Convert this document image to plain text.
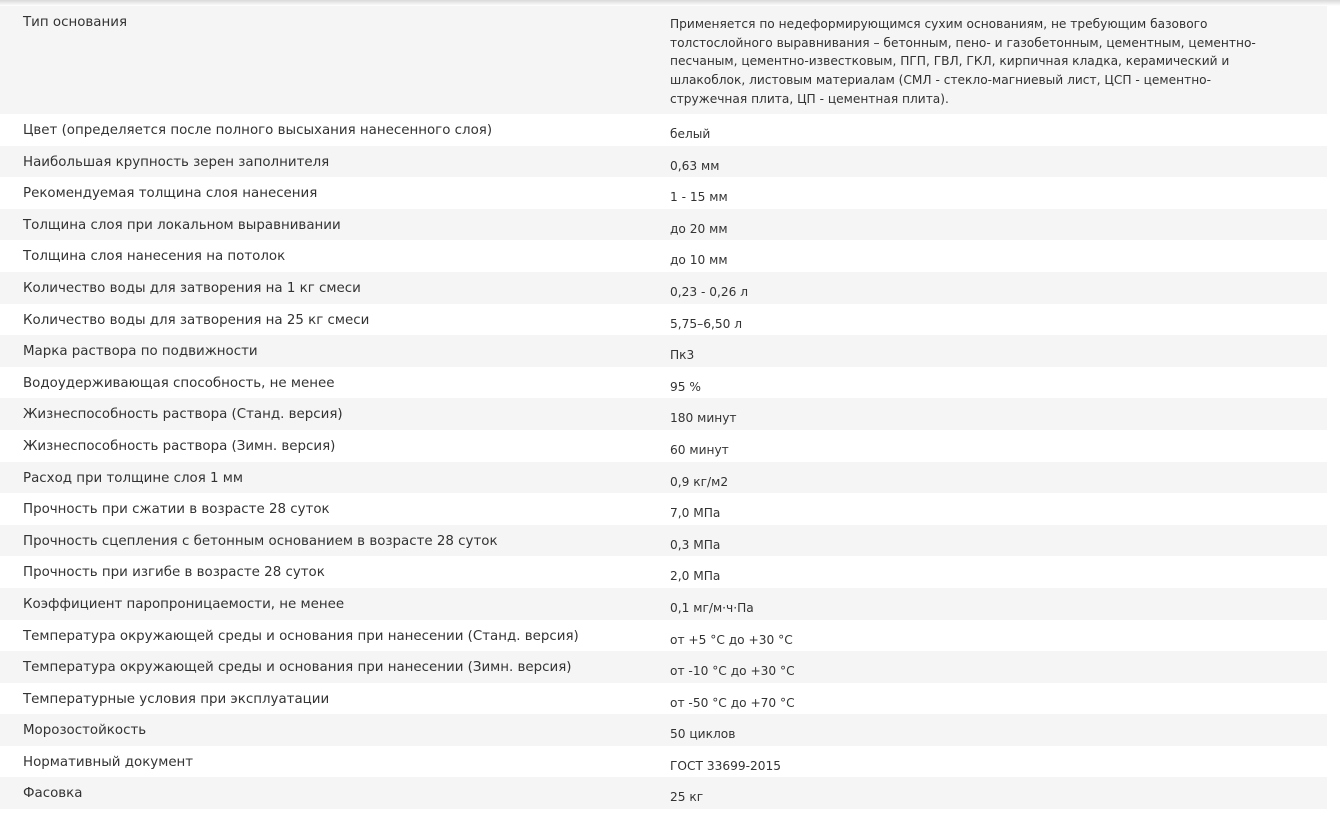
Тип основания	Применяется по недеформирующимся сухим основаниям, не требующим базового толстослойного выравнивания – бетонным, пено- и газобетонным, цементным, цементно-песчаным, цементно-известковым, ПГП, ГВЛ, ГКЛ, кирпичная кладка, керамический и шлакоблок, листовым материалам (СМЛ - стекло-магниевый лист, ЦСП - цементно-стружечная плита, ЦП - цементная плита).
Цвет (определяется после полного высыхания нанесенного слоя)	белый
Наибольшая крупность зерен заполнителя	0,63 мм
Рекомендуемая толщина слоя нанесения	1 - 15 мм
Толщина слоя при локальном выравнивании	до 20 мм
Толщина слоя нанесения на потолок	до 10 мм
Количество воды для затворения на 1 кг смеси	0,23 - 0,26 л
Количество воды для затворения на 25 кг смеси	5,75–6,50 л
Марка раствора по подвижности	Пк3
Водоудерживающая способность, не менее	95 %
Жизнеспособность раствора (Станд. версия)	180 минут
Жизнеспособность раствора (Зимн. версия)	60 минут
Расход при толщине слоя 1 мм	0,9 кг/м2
Прочность при сжатии в возрасте 28 суток	7,0 МПа
Прочность сцепления с бетонным основанием в возрасте 28 суток	0,3 МПа
Прочность при изгибе в возрасте 28 суток	2,0 МПа
Коэффициент паропроницаемости, не менее	0,1 мг/м·ч·Па
Температура окружающей среды и основания при нанесении (Станд. версия)	от +5 °С до +30 °С
Температура окружающей среды и основания при нанесении (Зимн. версия)	от -10 °С до +30 °С
Температурные условия при эксплуатации	от -50 °С до +70 °С
Морозостойкость	50 циклов
Нормативный документ	ГОСТ 33699-2015
Фасовка	25 кг
